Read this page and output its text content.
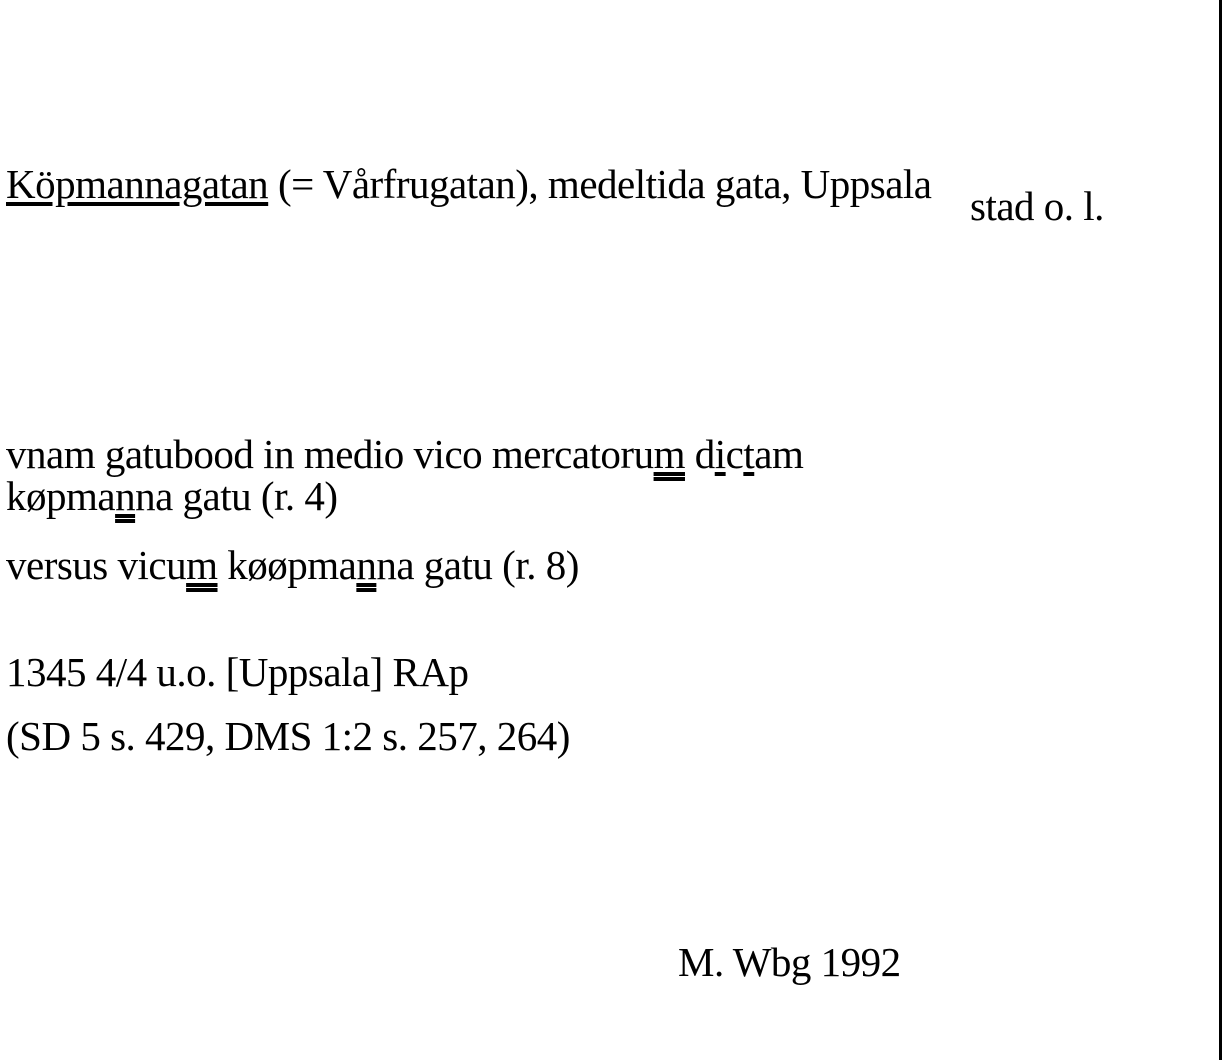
Köpmannagatan (= Vårfrugatan), medeltida gata, Uppsala stad o. l.
vnam gatubood in medio vico mercatorum dictam
køpmanna gatu (r. 4)
versus vicum køøpmanna gatu (r. 8)
1345 4/4 u.o. [Uppsala] RAp
(SD 5 s. 429, DMS 1:2 s. 257, 264)
M. Wbg 1992
